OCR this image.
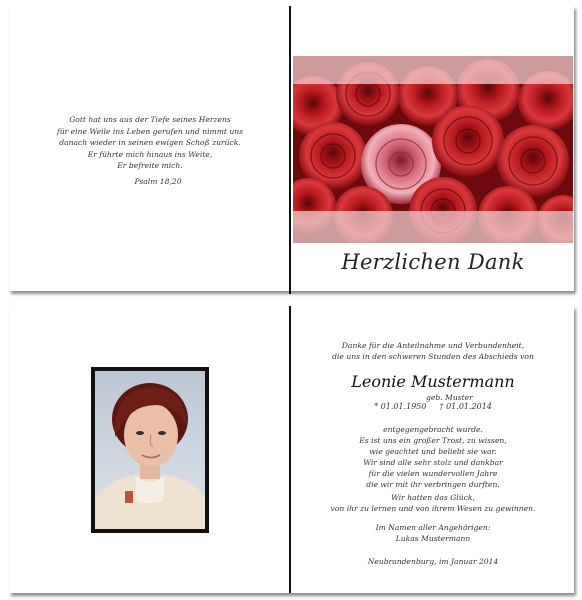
Gott hat uns aus der Tiefe seines Herzens
für eine Weile ins Leben gerufen und nimmt uns
danach wieder in seinen ewigen Schoß zurück.
Er führte mich hinaus ins Weite,
Er befreite mich.
Psalm 18,20
Herzlichen Dank
Danke für die Anteilnahme und Verbundenheit,
die uns in den schweren Stunden des Abschieds von
Leonie Mustermann
geb. Muster
* 01.01.1950 † 01.01.2014
entgegengebracht wurde.
Es ist uns ein großer Trost, zu wissen,
wie geachtet und beliebt sie war.
Wir sind alle sehr stolz und dankbar
für die vielen wundervollen Jahre
die wir mit ihr verbringen durften.
Wir hatten das Glück,
von ihr zu lernen und von ihrem Wesen zu gewinnen.
Im Namen aller Angehörigen:
Lukas Mustermann
Neubrandenburg, im Januar 2014
